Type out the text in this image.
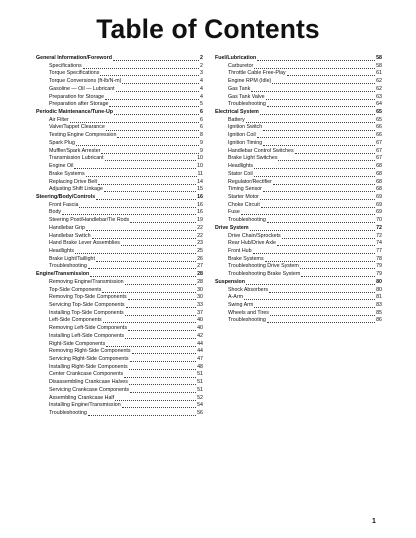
Table of Contents
General Information/Foreword	2
Specifications	2
Torque Specifications	3
Torque Conversions (ft-lb/N-m)	4
Gasoline — Oil — Lubricant	4
Preparation for Storage	4
Preparation after Storage	5
Periodic Maintenance/Tune-Up	6
Air Filter	6
Valve/Tappet Clearance	6
Testing Engine Compression	8
Spark Plug	9
Muffler/Spark Arrester	9
Transmission Lubricant	10
Engine Oil	10
Brake Systems	11
Replacing Drive Belt	14
Adjusting Shift Linkage	15
Steering/Body/Controls	16
Front Fascia	16
Body	16
Steering Post/Handlebar/Tie Rods	19
Handlebar Grip	22
Handlebar Switch	22
Hand Brake Lever Assemblies	23
Headlights	25
Brake Light/Taillight	26
Troubleshooting	27
Engine/Transmission	28
Removing Engine/Transmission	28
Top-Side Components	30
Removing Top-Side Components	30
Servicing Top-Side Components	33
Installing Top-Side Components	37
Left-Side Components	40
Removing Left-Side Components	40
Installing Left-Side Components	42
Right-Side Components	44
Removing Right-Side Components	44
Servicing Right-Side Components	47
Installing Right-Side Components	48
Center Crankcase Components	51
Disassembling Crankcase Halves	51
Servicing Crankcase Components	51
Assembling Crankcase Half	52
Installing Engine/Transmission	54
Troubleshooting	56
Fuel/Lubrication	58
Carburetor	58
Throttle Cable Free-Play	61
Engine RPM (Idle)	62
Gas Tank	62
Gas Tank Valve	63
Troubleshooting	64
Electrical System	65
Battery	65
Ignition Switch	66
Ignition Coil	66
Ignition Timing	67
Handlebar Control Switches	67
Brake Light Switches	67
Headlights	68
Stator Coil	68
Regulator/Rectifier	68
Timing Sensor	68
Starter Motor	69
Choke Circuit	69
Fuse	69
Troubleshooting	70
Drive System	72
Drive Chain/Sprockets	72
Rear Hub/Drive Axle	74
Front Hub	77
Brake Systems	78
Troubleshooting Drive System	79
Troubleshooting Brake System	79
Suspension	80
Shock Absorbers	80
A-Arm	81
Swing Arm	83
Wheels and Tires	85
Troubleshooting	86

1
